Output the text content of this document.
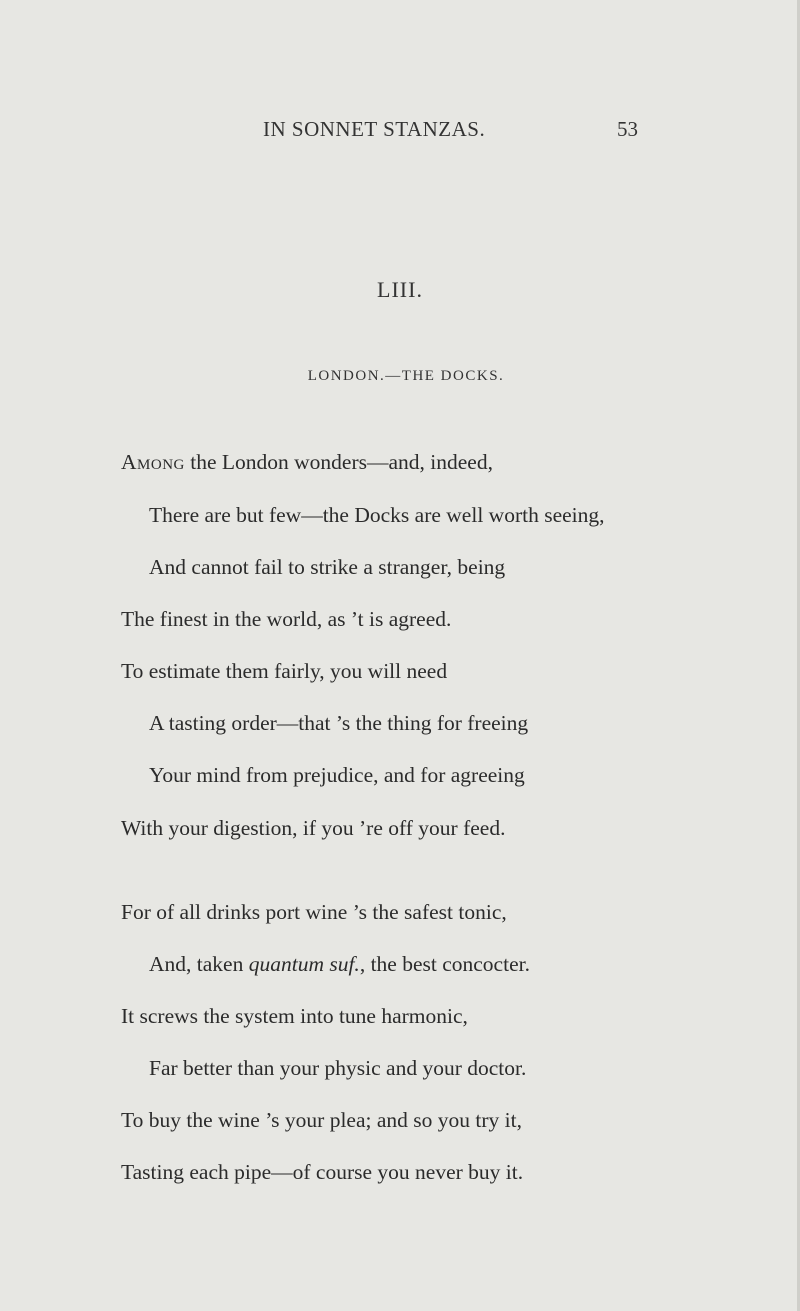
IN SONNET STANZAS.	53
LIII.
LONDON.—THE DOCKS.
Among the London wonders—and, indeed,
There are but few—the Docks are well worth seeing,
And cannot fail to strike a stranger, being
The finest in the world, as ’t is agreed.
To estimate them fairly, you will need
A tasting order—that ’s the thing for freeing
Your mind from prejudice, and for agreeing
With your digestion, if you ’re off your feed.
For of all drinks port wine ’s the safest tonic,
And, taken quantum suf., the best concocter.
It screws the system into tune harmonic,
Far better than your physic and your doctor.
To buy the wine ’s your plea; and so you try it,
Tasting each pipe—of course you never buy it.
